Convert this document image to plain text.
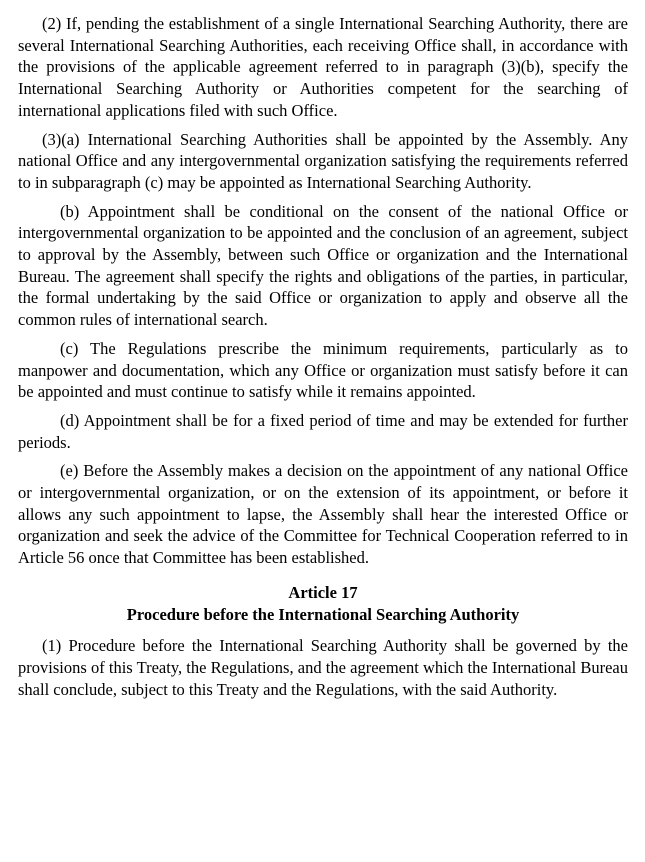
(2) If, pending the establishment of a single International Searching Authority, there are several International Searching Authorities, each receiving Office shall, in accordance with the provisions of the applicable agreement referred to in paragraph (3)(b), specify the International Searching Authority or Authorities competent for the searching of international applications filed with such Office.

(3)(a) International Searching Authorities shall be appointed by the Assembly. Any national Office and any intergovernmental organization satisfying the requirements referred to in subparagraph (c) may be appointed as International Searching Authority.

(b) Appointment shall be conditional on the consent of the national Office or intergovernmental organization to be appointed and the conclusion of an agreement, subject to approval by the Assembly, between such Office or organization and the International Bureau. The agreement shall specify the rights and obligations of the parties, in particular, the formal undertaking by the said Office or organization to apply and observe all the common rules of international search.

(c) The Regulations prescribe the minimum requirements, particularly as to manpower and documentation, which any Office or organization must satisfy before it can be appointed and must continue to satisfy while it remains appointed.

(d) Appointment shall be for a fixed period of time and may be extended for further periods.

(e) Before the Assembly makes a decision on the appointment of any national Office or intergovernmental organization, or on the extension of its appointment, or before it allows any such appointment to lapse, the Assembly shall hear the interested Office or organization and seek the advice of the Committee for Technical Cooperation referred to in Article 56 once that Committee has been established.

Article 17
Procedure before the International Searching Authority

(1) Procedure before the International Searching Authority shall be governed by the provisions of this Treaty, the Regulations, and the agreement which the International Bureau shall conclude, subject to this Treaty and the Regulations, with the said Authority.
